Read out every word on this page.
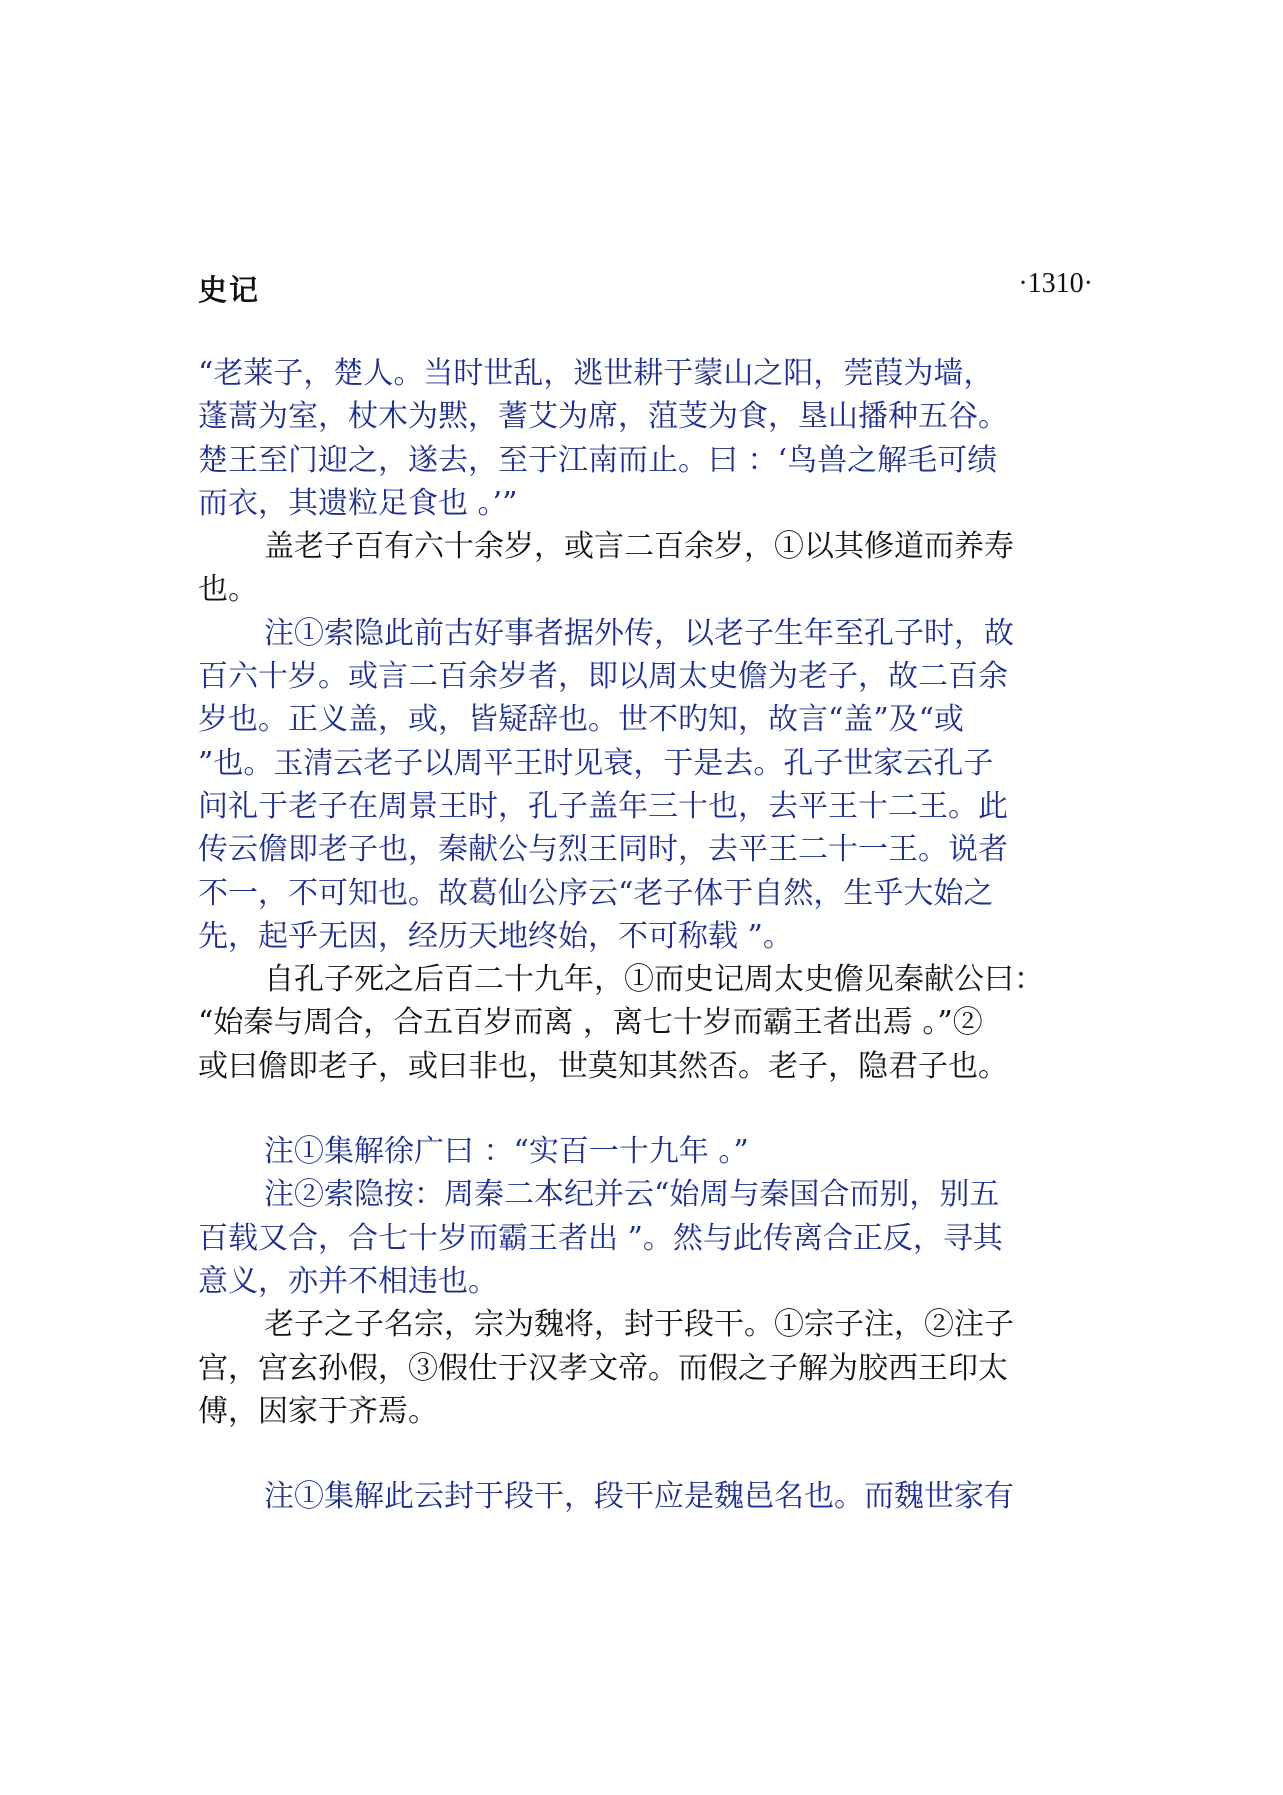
史记	·1310·
“老莱子，楚人。当时世乱，逃世耕于蒙山之阳，莞葭为墙，
蓬蒿为室，杖木为黙，蓍艾为席，菹芰为食，垦山播种五谷。
楚王至门迎之，遂去，至于江南而止。曰 ：‘鸟兽之解毛可绩
而衣，其遗粒足食也 。’”
盖老子百有六十余岁，或言二百余岁，①以其修道而养寿
也。
注①索隐此前古好事者据外传，以老子生年至孔子时，故
百六十岁。或言二百余岁者，即以周太史儋为老子，故二百余
岁也。正义盖，或，皆疑辞也。世不旳知，故言“盖”及“或
”也。玉清云老子以周平王时见衰，于是去。孔子世家云孔子
问礼于老子在周景王时，孔子盖年三十也，去平王十二王。此
传云儋即老子也，秦献公与烈王同时，去平王二十一王。说者
不一，不可知也。故葛仙公序云“老子体于自然，生乎大始之
先，起乎无因，经历天地终始，不可称载 ”。
自孔子死之后百二十九年，①而史记周太史儋见秦献公曰：
“始秦与周合，合五百岁而离 ，离七十岁而霸王者出焉 。”②
或曰儋即老子，或曰非也，世莫知其然否。老子，隐君子也。
注①集解徐广曰 ：“实百一十九年 。”
注②索隐按：周秦二本纪并云“始周与秦国合而别，别五
百载又合，合七十岁而霸王者出 ”。然与此传离合正反，寻其
意义，亦并不相违也。
老子之子名宗，宗为魏将，封于段干。①宗子注，②注子
宫，宫玄孙假，③假仕于汉孝文帝。而假之子解为胶西王印太
傅，因家于齐焉。
注①集解此云封于段干，段干应是魏邑名也。而魏世家有
